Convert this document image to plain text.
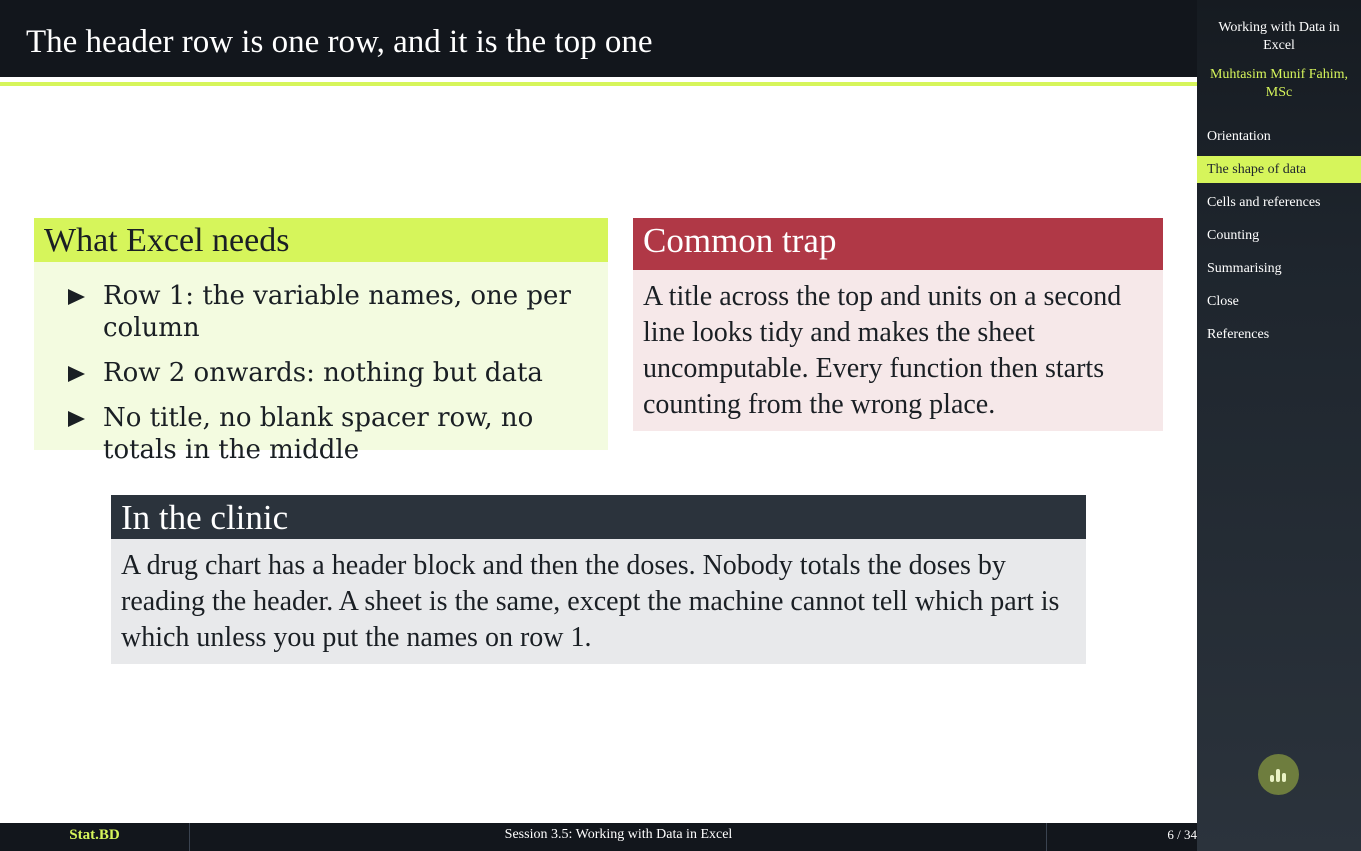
The header row is one row, and it is the top one
What Excel needs
Row 1: the variable names, one per column
Row 2 onwards: nothing but data
No title, no blank spacer row, no totals in the middle
Common trap
A title across the top and units on a second line looks tidy and makes the sheet uncomputable. Every function then starts counting from the wrong place.
In the clinic
A drug chart has a header block and then the doses. Nobody totals the doses by reading the header. A sheet is the same, except the machine cannot tell which part is which unless you put the names on row 1.
Working with Data in Excel
Muhtasim Munif Fahim, MSc
Orientation
The shape of data
Cells and references
Counting
Summarising
Close
References
Stat.BD	Session 3.5: Working with Data in Excel	6 / 34
